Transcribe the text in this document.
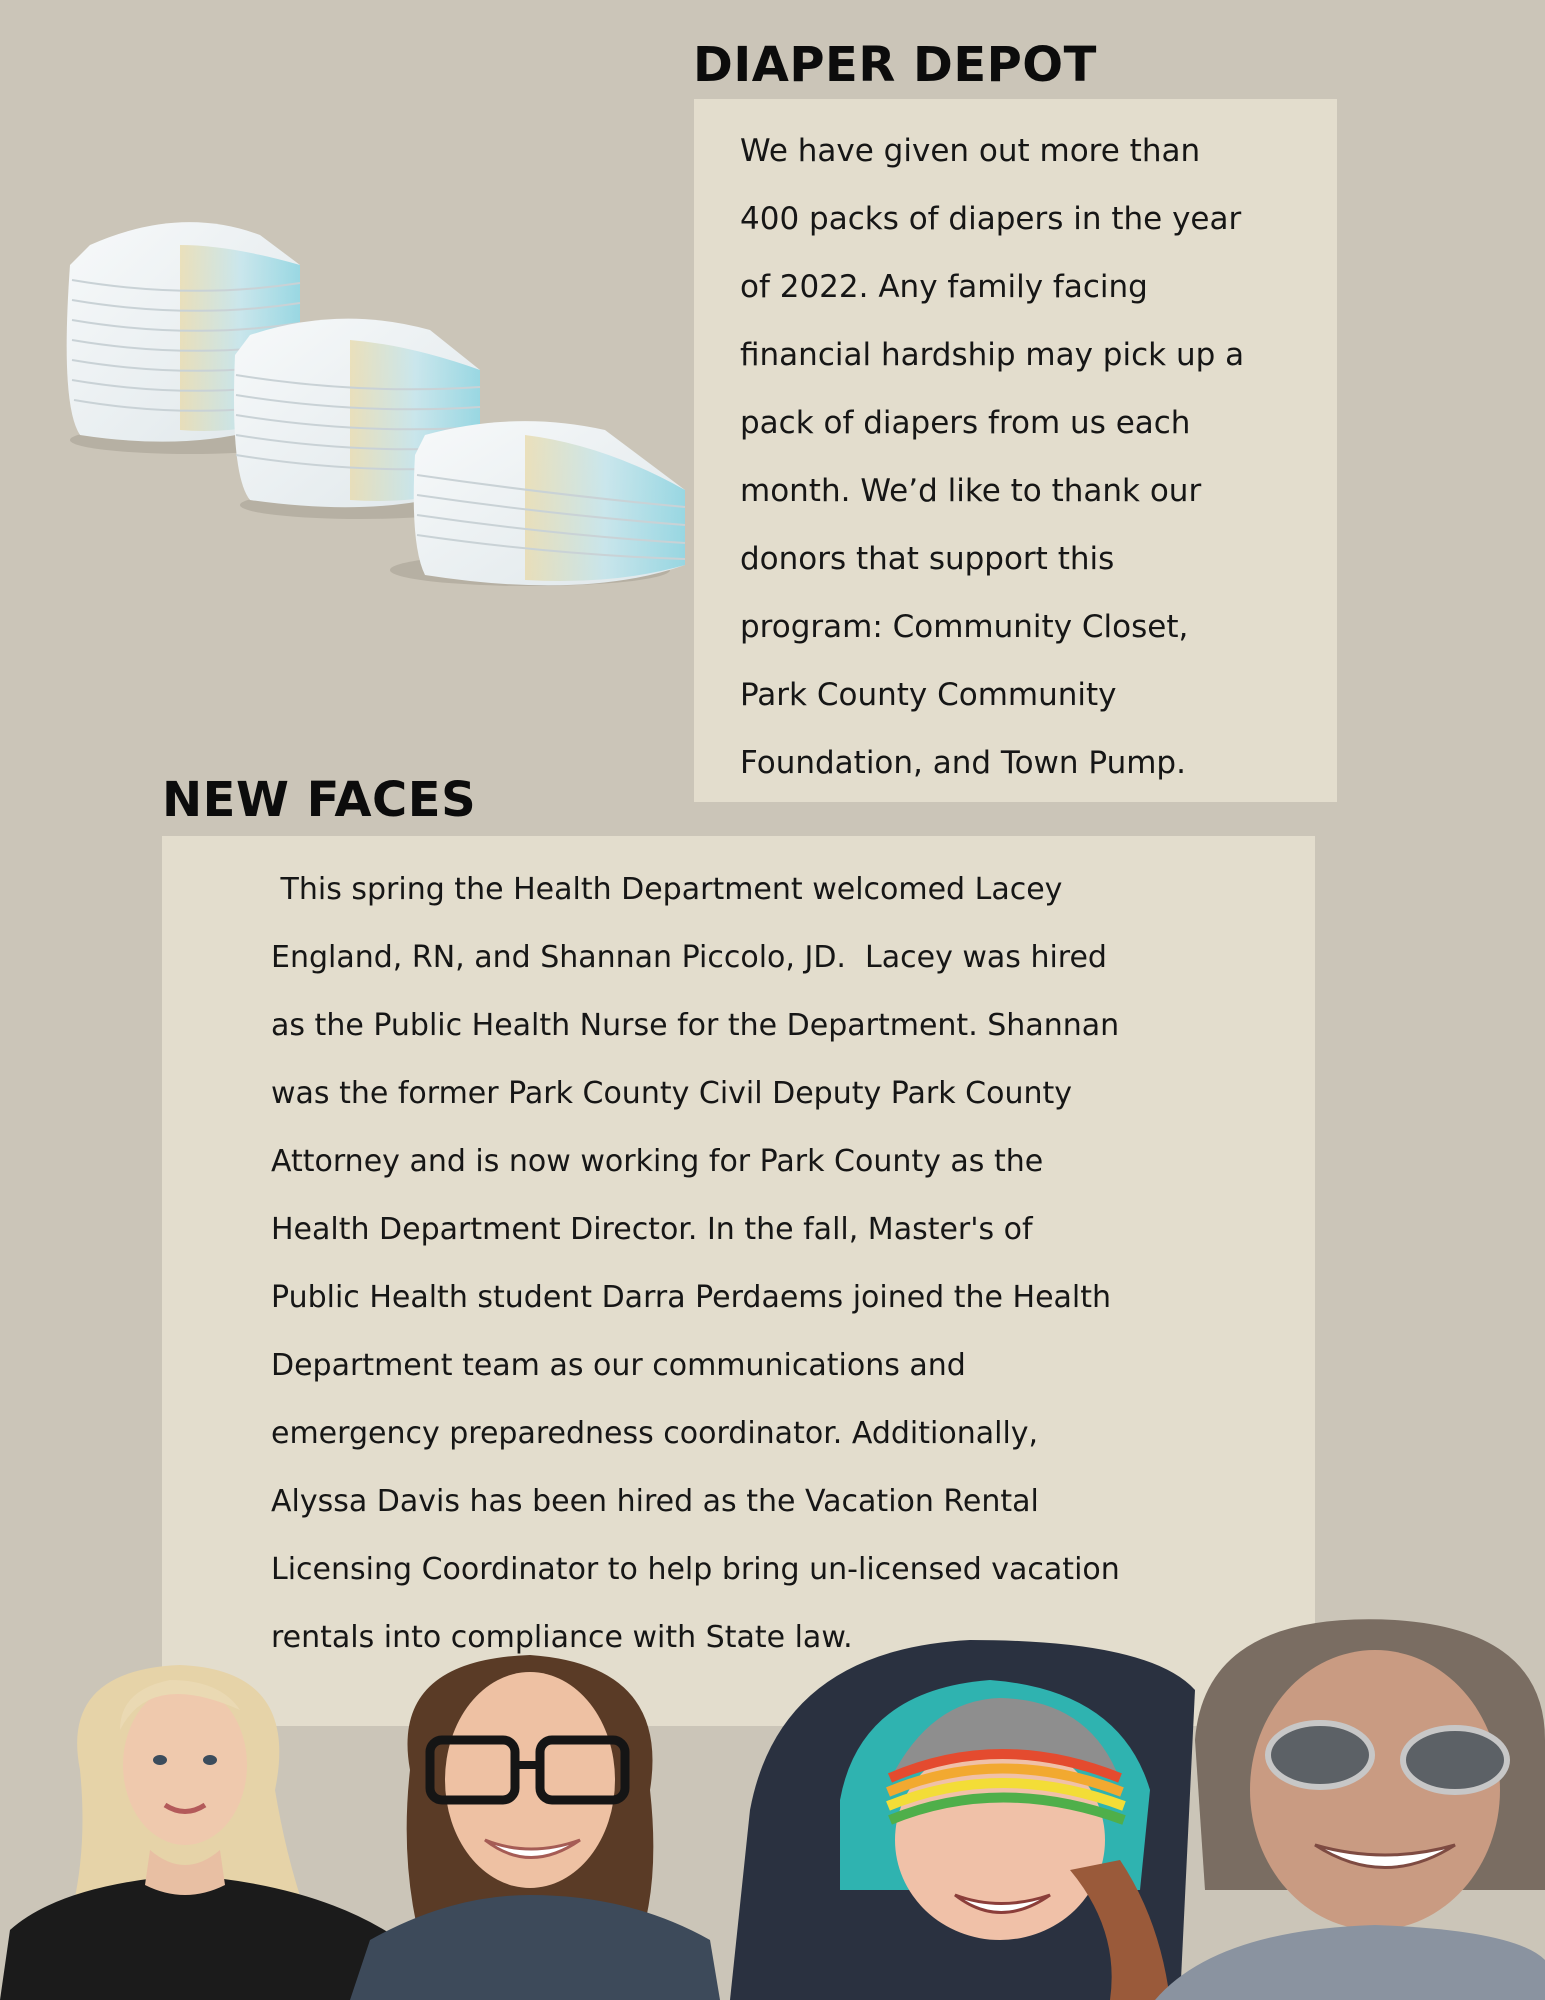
DIAPER DEPOT

We have given out more than
400 packs of diapers in the year
of 2022. Any family facing
financial hardship may pick up a
pack of diapers from us each
month. We’d like to thank our
donors that support this
program: Community Closet,
Park County Community
Foundation, and Town Pump.

NEW FACES

This spring the Health Department welcomed Lacey
England, RN, and Shannan Piccolo, JD.  Lacey was hired
as the Public Health Nurse for the Department. Shannan
was the former Park County Civil Deputy Park County
Attorney and is now working for Park County as the
Health Department Director. In the fall, Master's of
Public Health student Darra Perdaems joined the Health
Department team as our communications and
emergency preparedness coordinator. Additionally,
Alyssa Davis has been hired as the Vacation Rental
Licensing Coordinator to help bring un-licensed vacation
rentals into compliance with State law.
